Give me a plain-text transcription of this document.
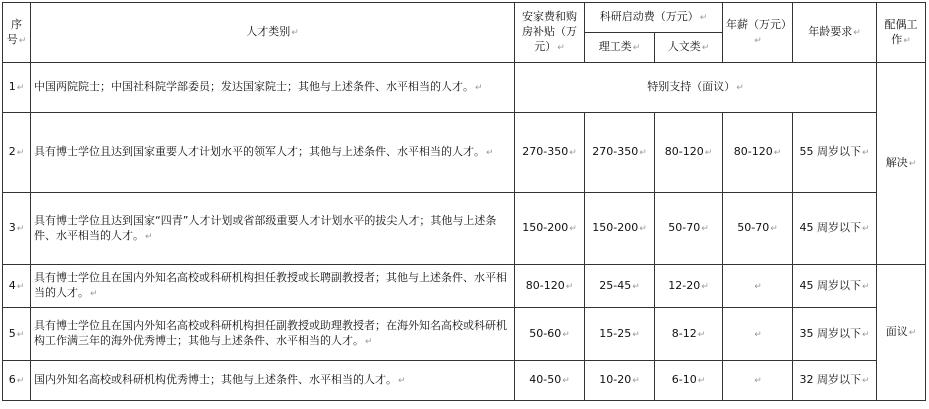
序号↵	人才类别↵	安家费和购房补贴（万元）↵	科研启动费（万元）↵		年薪（万元）↵	年龄要求↵	配偶工作↵
			理工类↵	人文类↵			
1↵	中国两院院士；中国社科院学部委员；发达国家院士；其他与上述条件、水平相当的人才。↵	特别支持（面议）↵					解决↵
2↵	具有博士学位且达到国家重要人才计划水平的领军人才；其他与上述条件、水平相当的人才。↵	270-350↵	270-350↵	80-120↵	80-120↵	55 周岁以下↵	
3↵	具有博士学位且达到国家“四青”人才计划或省部级重要人才计划水平的拔尖人才；其他与上述条件、水平相当的人才。↵	150-200↵	150-200↵	50-70↵	50-70↵	45 周岁以下↵	
4↵	具有博士学位且在国内外知名高校或科研机构担任教授或长聘副教授者；其他与上述条件、水平相当的人才。↵	80-120↵	25-45↵	12-20↵	↵	45 周岁以下↵	面议↵
5↵	具有博士学位且在国内外知名高校或科研机构担任副教授或助理教授者；在海外知名高校或科研机构工作满三年的海外优秀博士；其他与上述条件、水平相当的人才。↵	50-60↵	15-25↵	8-12↵	↵	35 周岁以下↵	
6↵	国内外知名高校或科研机构优秀博士；其他与上述条件、水平相当的人才。↵	40-50↵	10-20↵	6-10↵	↵	32 周岁以下↵	
